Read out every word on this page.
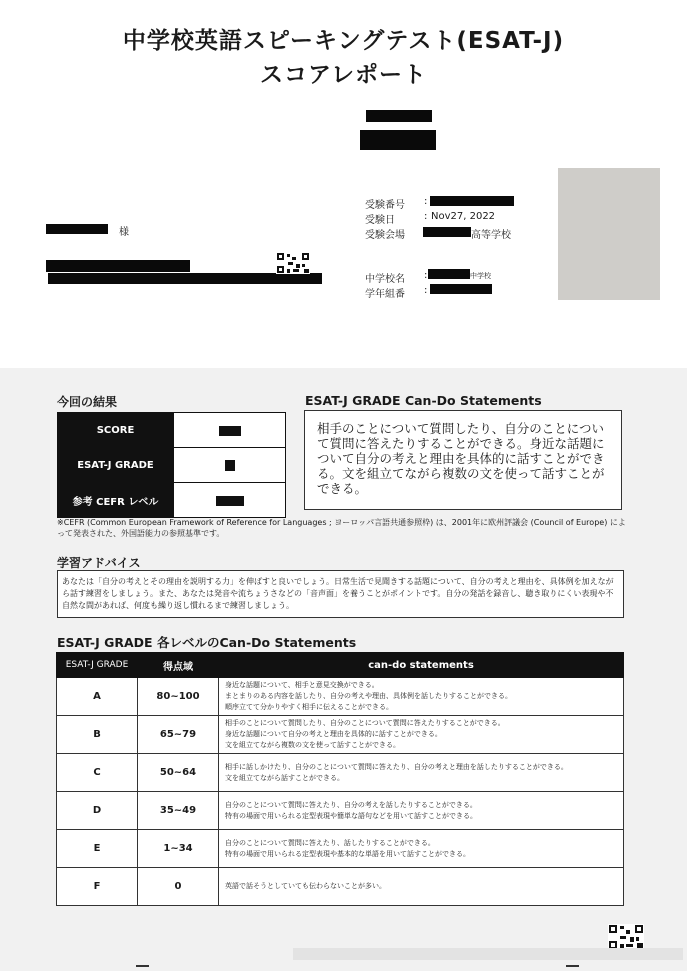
中学校英語スピーキングテスト(ESAT-J)
スコアレポート
様
受験番号 :
受験日	: Nov27, 2022
受験会場	高等学校
中学校名 :	中学校
学年組番 :
今回の結果
SCORE	
ESAT-J GRADE	
参考 CEFR レベル	
ESAT-J GRADE Can-Do Statements
相手のことについて質問したり、自分のことについて質問に答えたりすることができる。身近な話題について自分の考えと理由を具体的に話すことができる。文を組立てながら複数の文を使って話すことができる。
※CEFR (Common European Framework of Reference for Languages ; ヨーロッパ言語共通参照枠) は、2001年に欧州評議会 (Council of Europe) によって発表された、外国語能力の参照基準です。
学習アドバイス
あなたは「自分の考えとその理由を説明する力」を伸ばすと良いでしょう。日常生活で見聞きする話題について、自分の考えと理由を、具体例を加えながら話す練習をしましょう。また、あなたは発音や流ちょうさなどの「音声面」を養うことがポイントです。自分の発話を録音し、聴き取りにくい表現や不自然な間があれば、何度も繰り返し慣れるまで練習しましょう。
ESAT-J GRADE 各レベルのCan-Do Statements
ESAT-J GRADE	得点域	can-do statements
A	80~100	身近な話題について、相手と意見交換ができる。
まとまりのある内容を話したり、自分の考えや理由、具体例を話したりすることができる。
順序立てて分かりやすく相手に伝えることができる。

B	65~79	相手のことについて質問したり、自分のことについて質問に答えたりすることができる。
身近な話題について自分の考えと理由を具体的に話すことができる。
文を組立てながら複数の文を使って話すことができる。

C	50~64	相手に話しかけたり、自分のことについて質問に答えたり、自分の考えと理由を話したりすることができる。
文を組立てながら話すことができる。

D	35~49	自分のことについて質問に答えたり、自分の考えを話したりすることができる。
特有の場面で用いられる定型表現や簡単な語句などを用いて話すことができる。

E	1~34	自分のことについて質問に答えたり、話したりすることができる。
特有の場面で用いられる定型表現や基本的な単語を用いて話すことができる。

F	0	英語で話そうとしていても伝わらないことが多い。
